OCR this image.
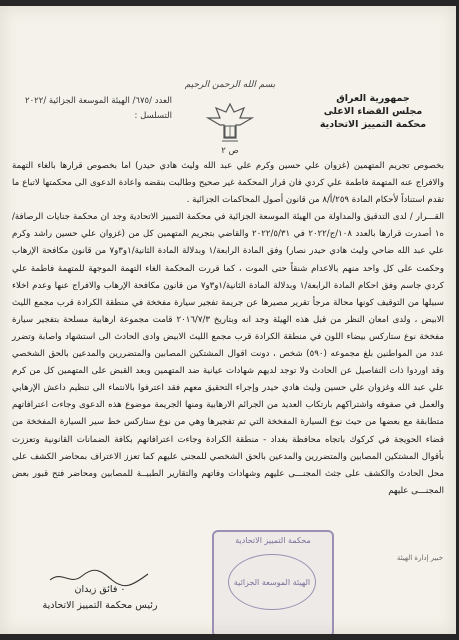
بسم الله الرحمن الرحيم
جمهورية العراق
مجلس القضاء الاعلى
محكمة التمييز الاتحادية
العدد /٦٧٥/ الهيئة الموسعة الجزائية /٢٠٢٢
التسلسل :
ص ٢

بخصوص تجريم المتهمين (غزوان علي حسين وكرم علي عبد الله وليث هادي حيدر) اما بخصوص قرارها بالغاء التهمة والافراج عنه المتهمة فاطمة علي كردي فان قرار المحكمة غير صحيح وطالبت بنقضه واعادة الدعوى الى محكمتها لاتباع ما تقدم استناداً لأحكام المادة ٢٥٩/أ/٨ من قانون أصول المحاكمات الجزائية .

القـــرار / لدى التدقيق والمداولة من الهيئة الموسعة الجزائية في محكمة التمييز الاتحادية وجد ان محكمة جنايات الرصافة/ه١ أصدرت قرارها بالعدد ١٠٨/ج/٢٠٢٢ في ٢٠٢٢/٥/٣١ والقاضي بتجريم المتهمين كل من (غزوان علي حسين راشد وكرم علي عبد الله ضاحي وليث هادي حيدر نصار) وفق المادة الرابعة/١ وبدلالة المادة الثانية/١و٣و٧ من قانون مكافحة الإرهاب وحكمت على كل واحد منهم بالاعدام شنقاً حتى الموت ، كما قررت المحكمة الغاء التهمة الموجهة للمتهمة فاطمة علي كردي جاسم وفق احكام المادة الرابعة/١ وبدلالة المادة الثانية/١و٣و٧ من قانون مكافحة الإرهاب والافراج عنها وعدم اخلاء سبيلها من التوقيف كونها محالة مرجأ تقرير مصيرها عن جريمة تفجير سيارة مفخخة في منطقة الكرادة قرب مجمع الليث الابيض ، ولدى امعان النظر من قبل هذه الهيئة وجد انه وبتاريخ ٢٠١٦/٧/٣ قامت مجموعة ارهابية مسلحة بتفجير سيارة مفخخة نوع ستاركس بيضاء اللون في منطقة الكرادة قرب مجمع الليث الابيض وادى الحادث الى استشهاد واصابة وتضرر عدد من المواطنين بلغ مجموعه (٥٩٠) شخص ، دونت اقوال المشتكين المصابين والمتضررين والمدعين بالحق الشخصي وقد اوردوا ذات التفاصيل عن الحادث ولا توجد لديهم شهادات عيانية ضد المتهمين وبعد القبض على المتهمين كل من كرم علي عبد الله وغزوان علي حسين وليث هادي حيدر وإجراء التحقيق معهم فقد اعترفوا بالانتماء الى تنظيم داعش الإرهابي والعمل في صفوفه واشتراكهم بارتكاب العديد من الجرائم الارهابية ومنها الجريمة موضوع هذه الدعوى وجاءت اعترافاتهم متطابقة مع بعضها من حيث نوع السيارة المفخخة التي تم تفجيرها وهي من نوع ستاركس خط سير السيارة المفخخة من قضاء الحويجة في كركوك باتجاه محافظة بغداد - منطقة الكرادة وجاءت اعترافاتهم بكافة الضمانات القانونية وتعززت بأقوال المشتكين المصابين والمتضررين والمدعين بالحق الشخصي للمجنى عليهم كما تعزز الاعتراف بمحاضر الكشف على محل الحادث والكشف على جثث المجنـــى عليهم وشهادات وفاتهم والتقارير الطبيــة للمصابين ومحاضر فتح قبور بعض المجنـــى عليهم

٠ فائق زيدان
رئيس محكمة التمييز الاتحادية
محكمة التمييز الاتحادية
الهيئة الموسعة الجزائية
خبير إدارة الهيئة
